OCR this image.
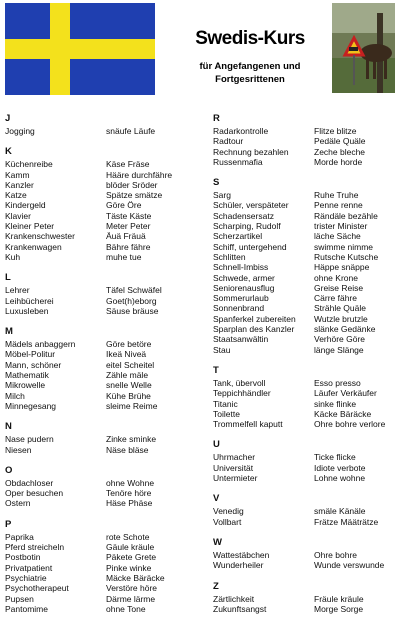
Swedis-Kurs
für Angefangenen und
Fortgesrittenen
J
Jogging	snäufe Läufe
K
Küchenreibe	Käse Fräse
Kamm	Hääre durchfähre
Kanzler	blöder Sröder
Katze	Spätze smätze
Kindergeld	Göre Öre
Klavier	Täste Käste
Kleiner Peter	Meter Peter
Krankenschwester	Äuä Fräuä
Krankenwagen	Bähre fähre
Kuh	muhe tue
L
Lehrer	Täfel Schwäfel
Leihbücherei	Goet(h)eborg
Luxusleben	Säuse bräuse
M
Mädels anbaggern	Göre betöre
Möbel-Politur	Ikeä Niveä
Mann, schöner	eitel Scheitel
Mathematik	Zähle mäle
Mikrowelle	snelle Welle
Milch	Kühe Brühe
Minnegesang	sleime Reime
N
Nase pudern	Zinke sminke
Niesen	Näse bläse
O
Obdachloser	ohne Wohne
Oper besuchen	Tenöre höre
Ostern	Häse Phäse
P
Paprika	rote Schote
Pferd streicheln	Gäule kräule
Postbotin	Päkete Grete
Privatpatient	Pinke winke
Psychiatrie	Mäcke Bäräcke
Psychotherapeut	Verstöre höre
Pupsen	Därme lärme
Pantomime	ohne Tone
R
Radarkontrolle	Flitze blitze
Radtour	Pedäle Quäle
Rechnung bezahlen	Zeche bleche
Russenmafia	Morde horde
S
Sarg	Ruhe Truhe
Schüler, verspäteter	Penne renne
Schadensersatz	Rändäle bezähle
Scharping, Rudolf	trister Minister
Scherzartikel	läche Säche
Schiff, untergehend	swimme nimme
Schlitten	Rutsche Kutsche
Schnell-Imbiss	Häppe snäppe
Schwede, armer	ohne Krone
Seniorenausflug	Greise Reise
Sommerurlaub	Cärre fähre
Sonnenbrand	Strähle Quäle
Spanferkel zubereiten	Wutzle brutzle
Sparplan des Kanzler	slänke Gedänke
Staatsanwältin	Verhöre Göre
Stau	länge Slänge
T
Tank, übervoll	Esso presso
Teppichhändler	Läufer Verkäufer
Titanic	sinke flinke
Toilette	Käcke Bäräcke
Trommelfell kaputt	Ohre bohre verlore
U
Uhrmacher	Ticke flicke
Universität	Idiote verbote
Untermieter	Lohne wohne
V
Venedig	smäle Känäle
Vollbart	Frätze Määträtze
W
Wattestäbchen	Ohre bohre
Wunderheiler	Wunde verswunde
Z
Zärtlichkeit	Fräule kräule
Zukunftsangst	Morge Sorge
